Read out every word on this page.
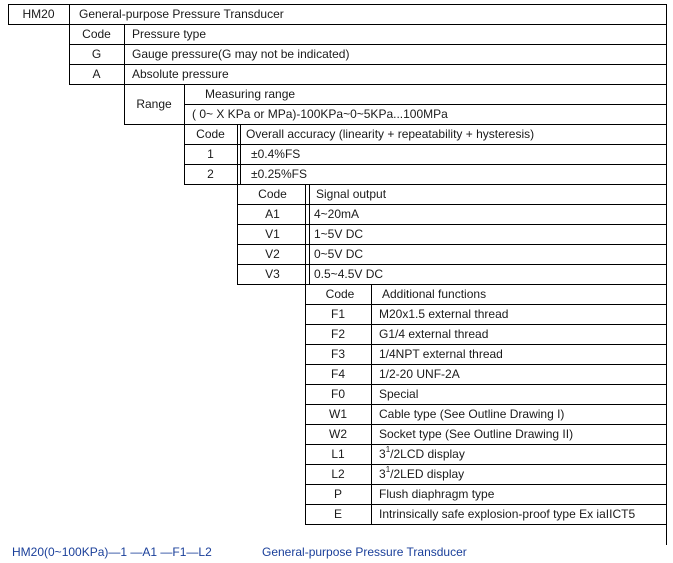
HM20	General-purpose Pressure Transducer
Code	Pressure type
G	Gauge pressure(G may not be indicated)
A	Absolute pressure
Range
Measuring range
( 0~ X KPa or MPa)-100KPa~0~5KPa...100MPa
Code	Overall accuracy (linearity + repeatability + hysteresis)
1	±0.4%FS
2	±0.25%FS
Code	Signal output
A1	4~20mA
V1	1~5V DC
V2	0~5V DC
V3	0.5~4.5V DC
Code	Additional functions
F1	M20x1.5 external thread
F2	G1/4 external thread
F3	1/4NPT external thread
F4	1/2-20 UNF-2A
F0	Special
W1	Cable type (See Outline Drawing I)
W2	Socket type (See Outline Drawing II)
L1	$3^1/2LCD$ display
L2	$3^1/2LED$ display
P	Flush diaphragm type
E	Intrinsically safe explosion-proof type Ex iaIICT5
HM20(0~100KPa)—1 —A1 —F1—L2	General-purpose Pressure Transducer
